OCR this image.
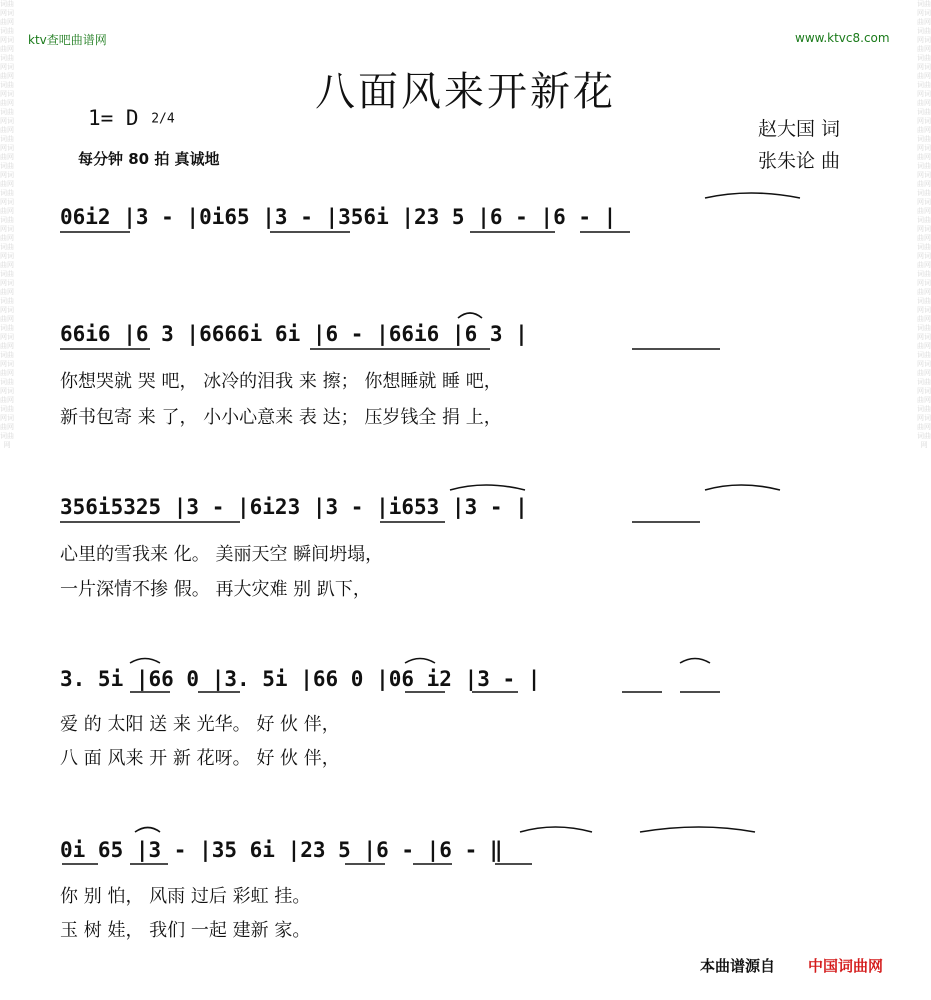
词曲网词曲网词曲网词曲网词曲网词曲网词曲网词曲网词曲网词曲网词曲网词曲网词曲网词曲网词曲网词曲网词曲网词曲网词曲网词曲网词曲网词曲网词曲网词曲网词曲网词曲网词曲网词曲网词曲网词曲网词曲网词曲网词曲网
词曲网词曲网词曲网词曲网词曲网词曲网词曲网词曲网词曲网词曲网词曲网词曲网词曲网词曲网词曲网词曲网词曲网词曲网词曲网词曲网词曲网词曲网词曲网词曲网词曲网词曲网词曲网词曲网词曲网词曲网词曲网词曲网词曲网
ktv查吧曲谱网	www.ktvc8.com
八面风来开新花
1= D 2/4
每分钟 80 拍 真诚地
赵大国 词
张朱论 曲
06i2 |3 - |0i65 |3 - |356i |23 5 |6 - |6 - |
66i6 |6 3 |6666i 6i |6 - |66i6 |6 3 |
你想哭就 哭 吧， 冰冷的泪我 来 擦； 你想睡就 睡 吧，
新书包寄 来 了， 小小心意来 表 达； 压岁钱全 捐 上，
356i5325 |3 - |6i23 |3 - |i653 |3 - |
心里的雪我来 化。 美丽天空 瞬间坍塌，
一片深情不掺 假。 再大灾难 别 趴下，
3. 5i |66 0 |3. 5i |66 0 |06 i2 |3 - |
爱 的 太阳 送 来 光华。 好 伙 伴，
八 面 风来 开 新 花呀。 好 伙 伴，
0i 65 |3 - |35 6i |23 5 |6 - |6 - ‖
你 别 怕， 风雨 过后 彩虹 挂。
玉 树 娃， 我们 一起 建新 家。
本曲谱源自 中国词曲网
